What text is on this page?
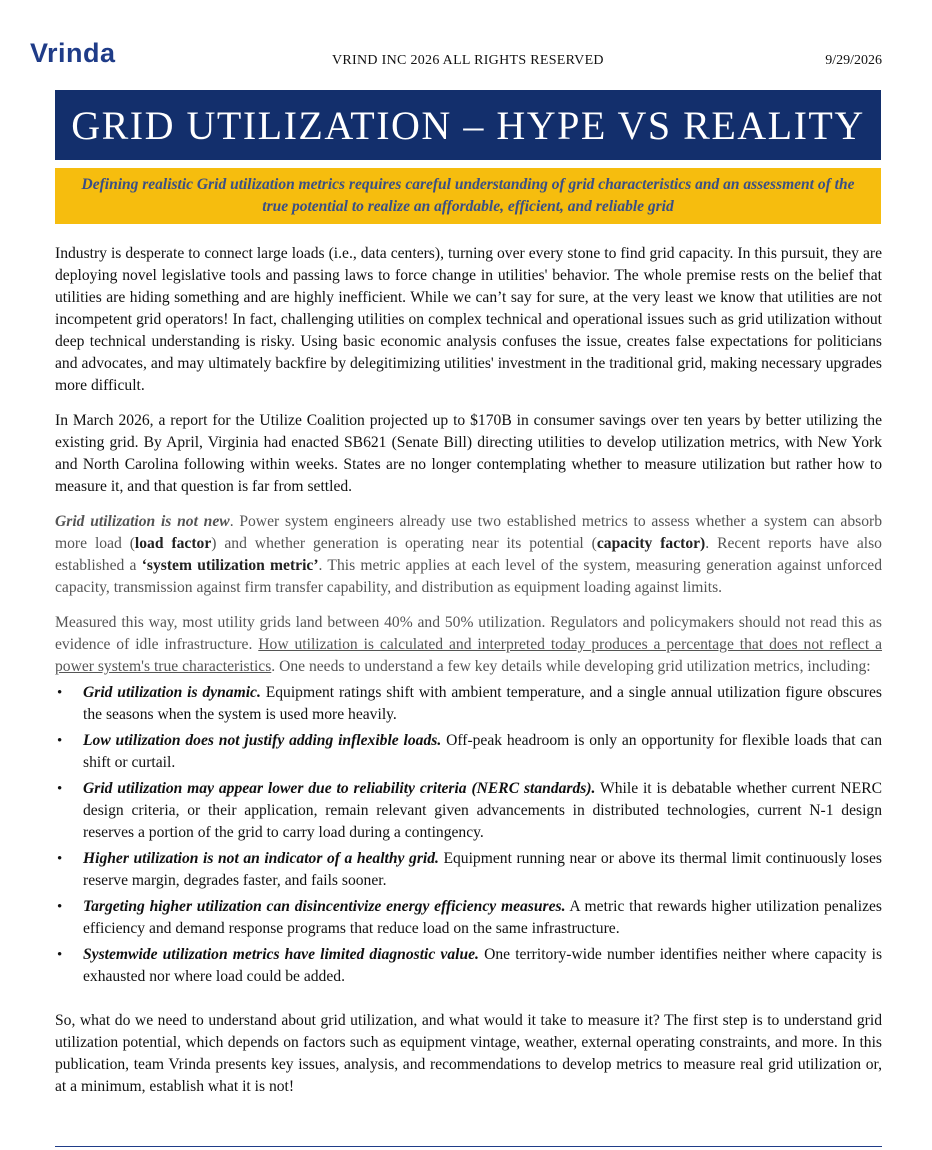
Vrinda	VRIND INC 2026 ALL RIGHTS RESERVED	9/29/2026
GRID UTILIZATION – HYPE VS REALITY

Defining realistic Grid utilization metrics requires careful understanding of grid characteristics and an assessment of the true potential to realize an affordable, efficient, and reliable grid

Industry is desperate to connect large loads (i.e., data centers), turning over every stone to find grid capacity. In this pursuit, they are deploying novel legislative tools and passing laws to force change in utilities' behavior. The whole premise rests on the belief that utilities are hiding something and are highly inefficient. While we can’t say for sure, at the very least we know that utilities are not incompetent grid operators! In fact, challenging utilities on complex technical and operational issues such as grid utilization without deep technical understanding is risky. Using basic economic analysis confuses the issue, creates false expectations for politicians and advocates, and may ultimately backfire by delegitimizing utilities' investment in the traditional grid, making necessary upgrades more difficult.

In March 2026, a report for the Utilize Coalition projected up to $170B in consumer savings over ten years by better utilizing the existing grid. By April, Virginia had enacted SB621 (Senate Bill) directing utilities to develop utilization metrics, with New York and North Carolina following within weeks. States are no longer contemplating whether to measure utilization but rather how to measure it, and that question is far from settled.

Grid utilization is not new. Power system engineers already use two established metrics to assess whether a system can absorb more load (load factor) and whether generation is operating near its potential (capacity factor). Recent reports have also established a ‘system utilization metric’. This metric applies at each level of the system, measuring generation against unforced capacity, transmission against firm transfer capability, and distribution as equipment loading against limits.

Measured this way, most utility grids land between 40% and 50% utilization. Regulators and policymakers should not read this as evidence of idle infrastructure. How utilization is calculated and interpreted today produces a percentage that does not reflect a power system's true characteristics. One needs to understand a few key details while developing grid utilization metrics, including:

• Grid utilization is dynamic. Equipment ratings shift with ambient temperature, and a single annual utilization figure obscures the seasons when the system is used more heavily.
• Low utilization does not justify adding inflexible loads. Off-peak headroom is only an opportunity for flexible loads that can shift or curtail.
• Grid utilization may appear lower due to reliability criteria (NERC standards). While it is debatable whether current NERC design criteria, or their application, remain relevant given advancements in distributed technologies, current N-1 design reserves a portion of the grid to carry load during a contingency.
• Higher utilization is not an indicator of a healthy grid. Equipment running near or above its thermal limit continuously loses reserve margin, degrades faster, and fails sooner.
• Targeting higher utilization can disincentivize energy efficiency measures. A metric that rewards higher utilization penalizes efficiency and demand response programs that reduce load on the same infrastructure.
• Systemwide utilization metrics have limited diagnostic value. One territory-wide number identifies neither where capacity is exhausted nor where load could be added.

So, what do we need to understand about grid utilization, and what would it take to measure it? The first step is to understand grid utilization potential, which depends on factors such as equipment vintage, weather, external operating constraints, and more. In this publication, team Vrinda presents key issues, analysis, and recommendations to develop metrics to measure real grid utilization or, at a minimum, establish what it is not!
